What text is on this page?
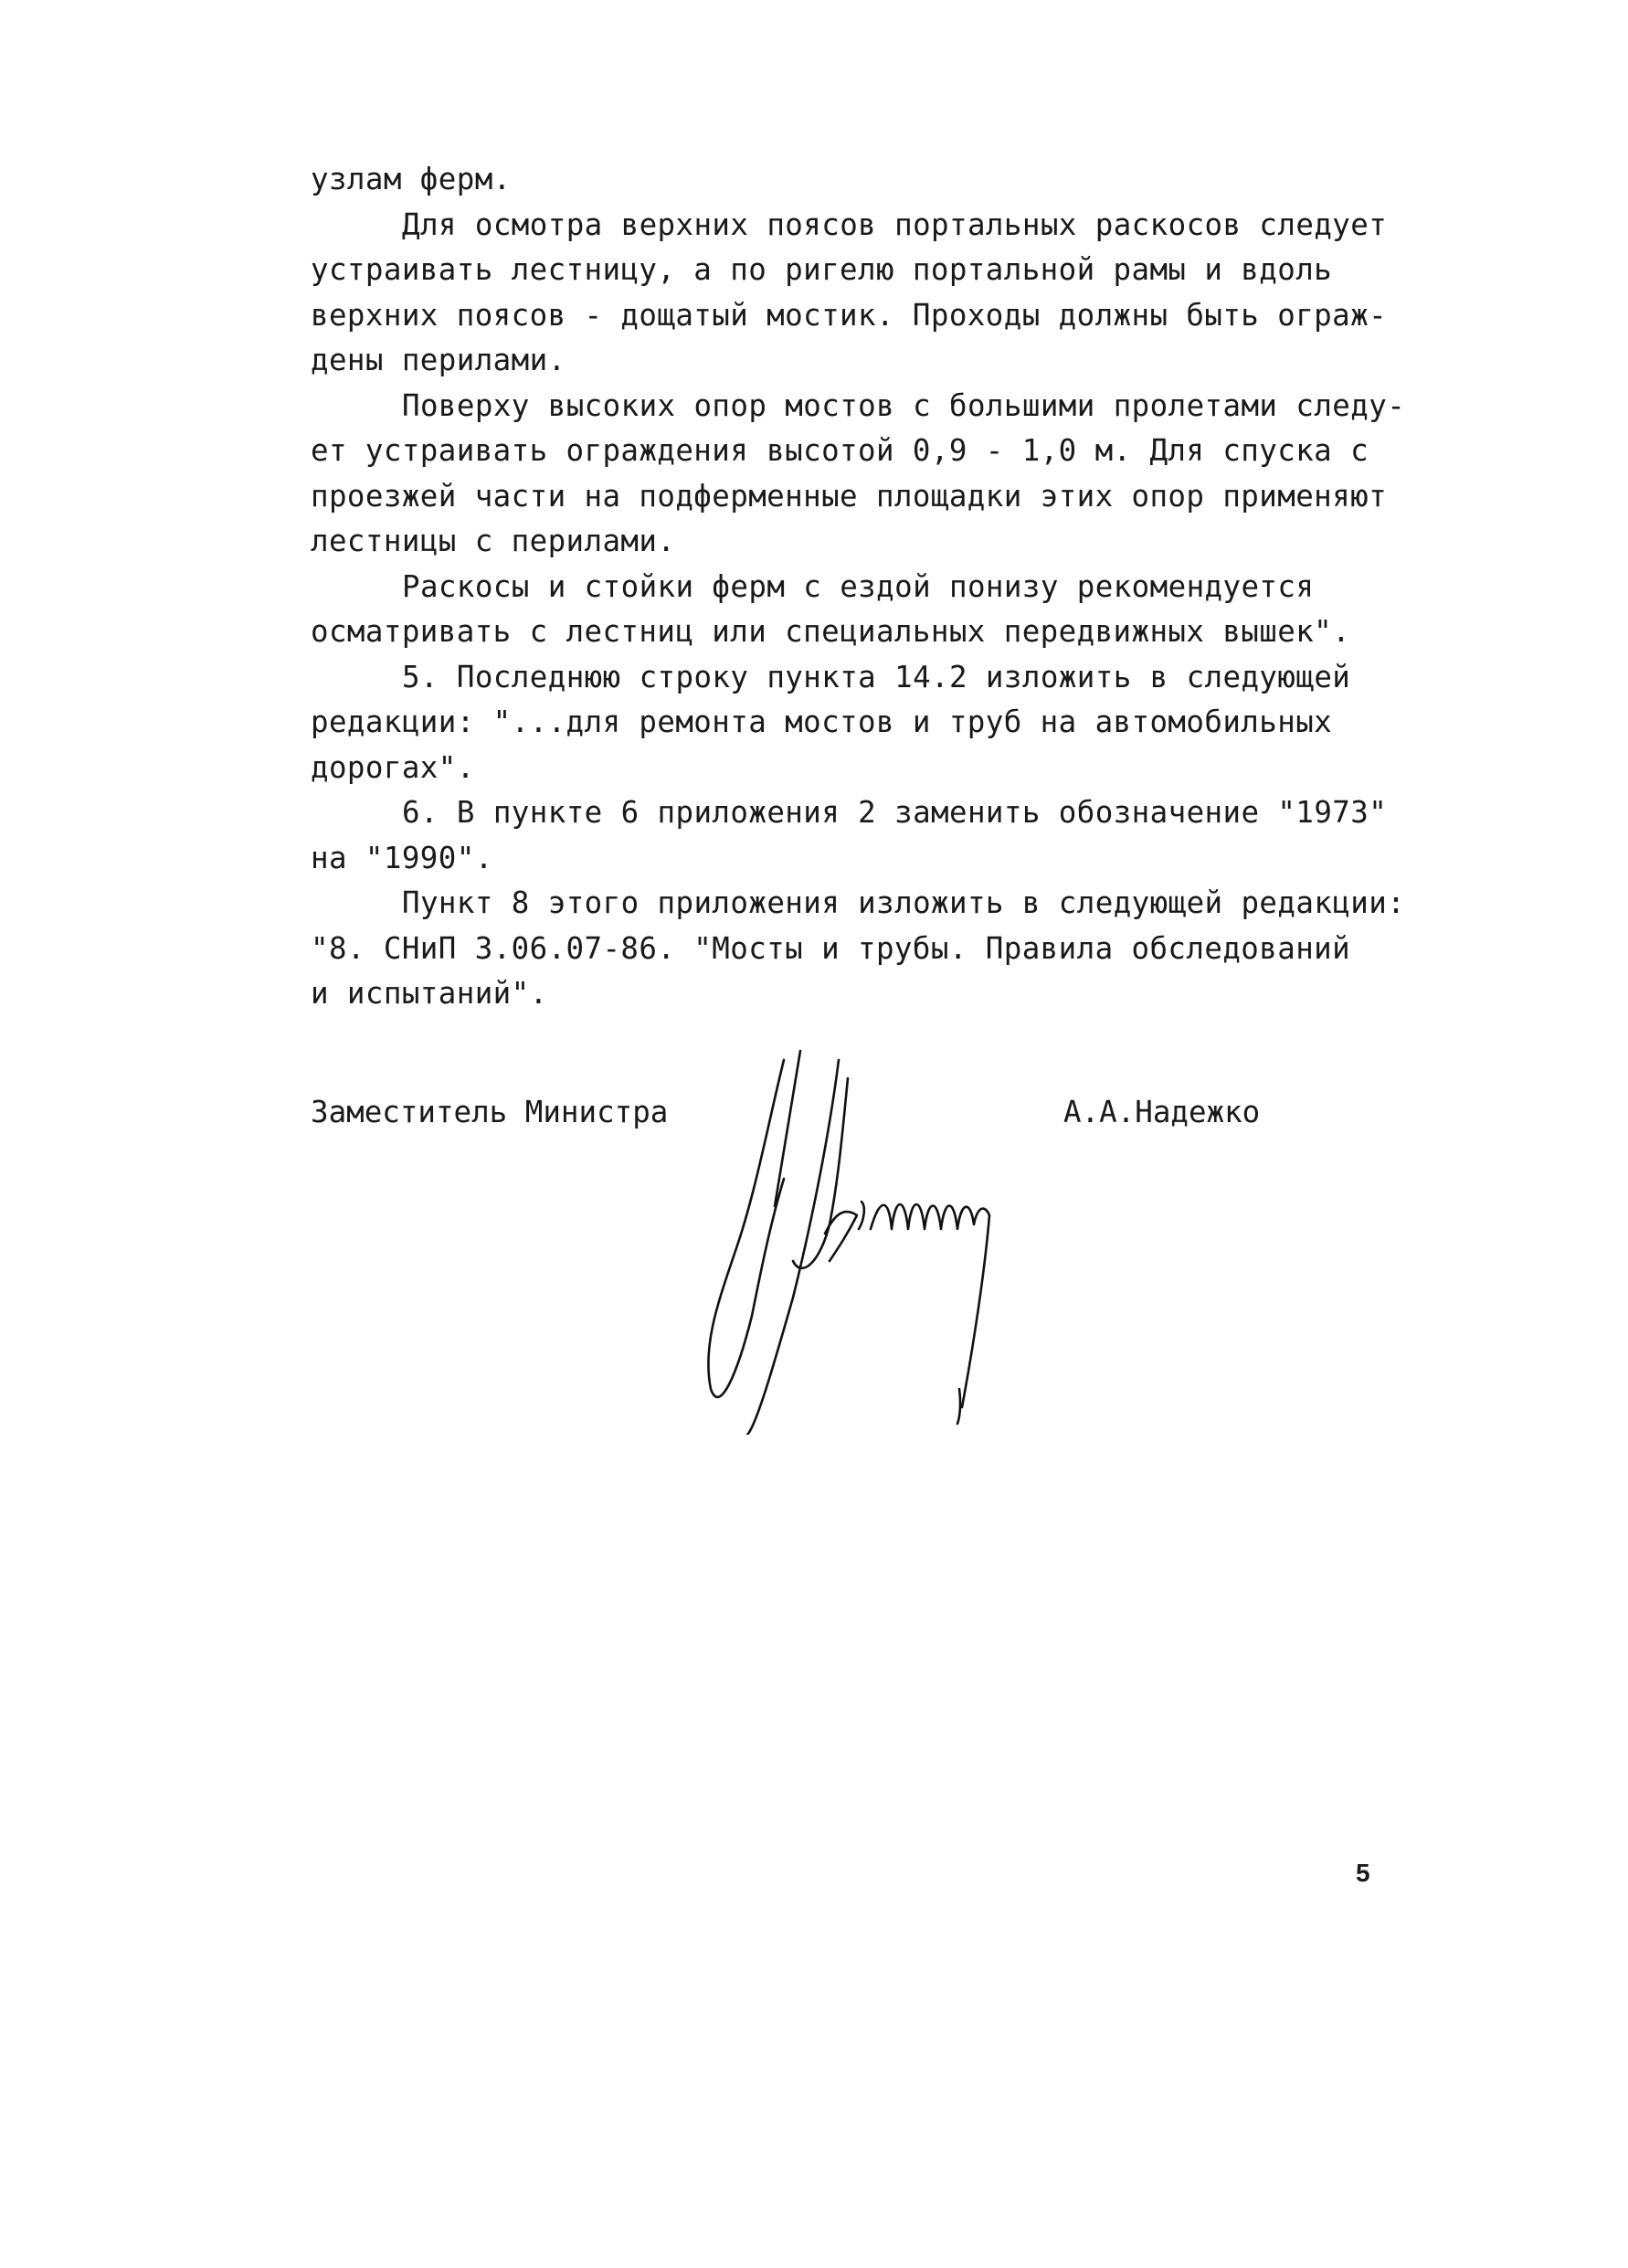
узлам ферм.
Для осмотра верхних поясов портальных раскосов следует
устраивать лестницу, а по ригелю портальной рамы и вдоль
верхних поясов - дощатый мостик. Проходы должны быть ограж-
дены перилами.
Поверху высоких опор мостов с большими пролетами следу-
ет устраивать ограждения высотой 0,9 - 1,0 м. Для спуска с
проезжей части на подферменные площадки этих опор применяют
лестницы с перилами.
Раскосы и стойки ферм с ездой понизу рекомендуется
осматривать с лестниц или специальных передвижных вышек".
5. Последнюю строку пункта 14.2 изложить в следующей
редакции: "...для ремонта мостов и труб на автомобильных
дорогах".
6. В пункте 6 приложения 2 заменить обозначение "1973"
на "1990".
Пункт 8 этого приложения изложить в следующей редакции:
"8. СНиП 3.06.07-86. "Мосты и трубы. Правила обследований
и испытаний".
Заместитель Министра	А.А.Надежко
5
